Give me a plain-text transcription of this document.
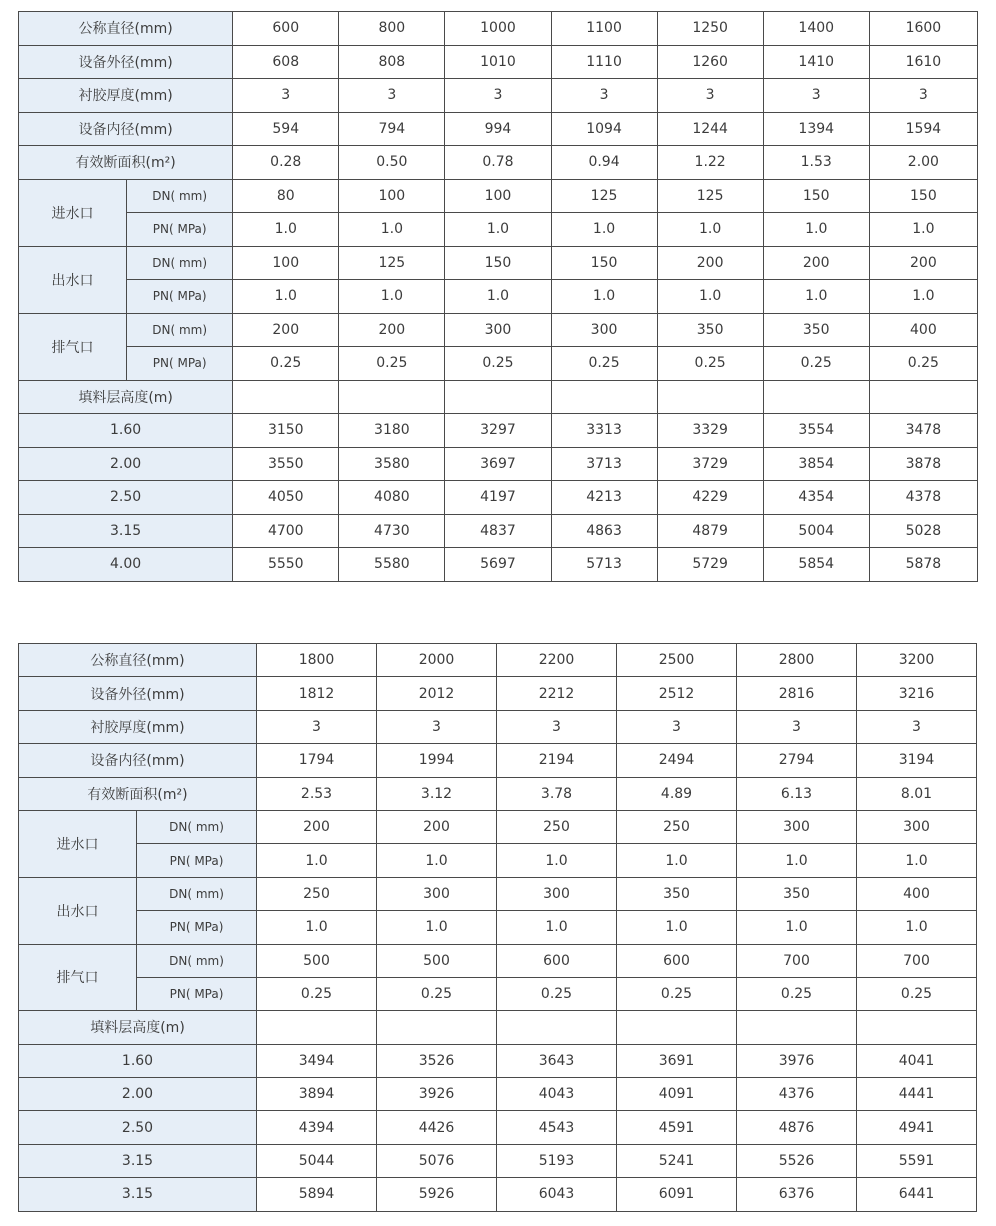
公称直径(mm)		600	800	1000	1100	1250	1400	1600
设备外径(mm)		608	808	1010	1110	1260	1410	1610
衬胶厚度(mm)		3	3	3	3	3	3	3
设备内径(mm)		594	794	994	1094	1244	1394	1594
有效断面积(m²)		0.28	0.50	0.78	0.94	1.22	1.53	2.00
进水口	DN( mm)	80	100	100	125	125	150	150
	PN( MPa)	1.0	1.0	1.0	1.0	1.0	1.0	1.0
出水口	DN( mm)	100	125	150	150	200	200	200
	PN( MPa)	1.0	1.0	1.0	1.0	1.0	1.0	1.0
排气口	DN( mm)	200	200	300	300	350	350	400
	PN( MPa)	0.25	0.25	0.25	0.25	0.25	0.25	0.25
填料层高度(m)								
1.60		3150	3180	3297	3313	3329	3554	3478
2.00		3550	3580	3697	3713	3729	3854	3878
2.50		4050	4080	4197	4213	4229	4354	4378
3.15		4700	4730	4837	4863	4879	5004	5028
4.00		5550	5580	5697	5713	5729	5854	5878
公称直径(mm)		1800	2000	2200	2500	2800	3200
设备外径(mm)		1812	2012	2212	2512	2816	3216
衬胶厚度(mm)		3	3	3	3	3	3
设备内径(mm)		1794	1994	2194	2494	2794	3194
有效断面积(m²)		2.53	3.12	3.78	4.89	6.13	8.01
进水口	DN( mm)	200	200	250	250	300	300
	PN( MPa)	1.0	1.0	1.0	1.0	1.0	1.0
出水口	DN( mm)	250	300	300	350	350	400
	PN( MPa)	1.0	1.0	1.0	1.0	1.0	1.0
排气口	DN( mm)	500	500	600	600	700	700
	PN( MPa)	0.25	0.25	0.25	0.25	0.25	0.25
填料层高度(m)							
1.60		3494	3526	3643	3691	3976	4041
2.00		3894	3926	4043	4091	4376	4441
2.50		4394	4426	4543	4591	4876	4941
3.15		5044	5076	5193	5241	5526	5591
3.15		5894	5926	6043	6091	6376	6441
